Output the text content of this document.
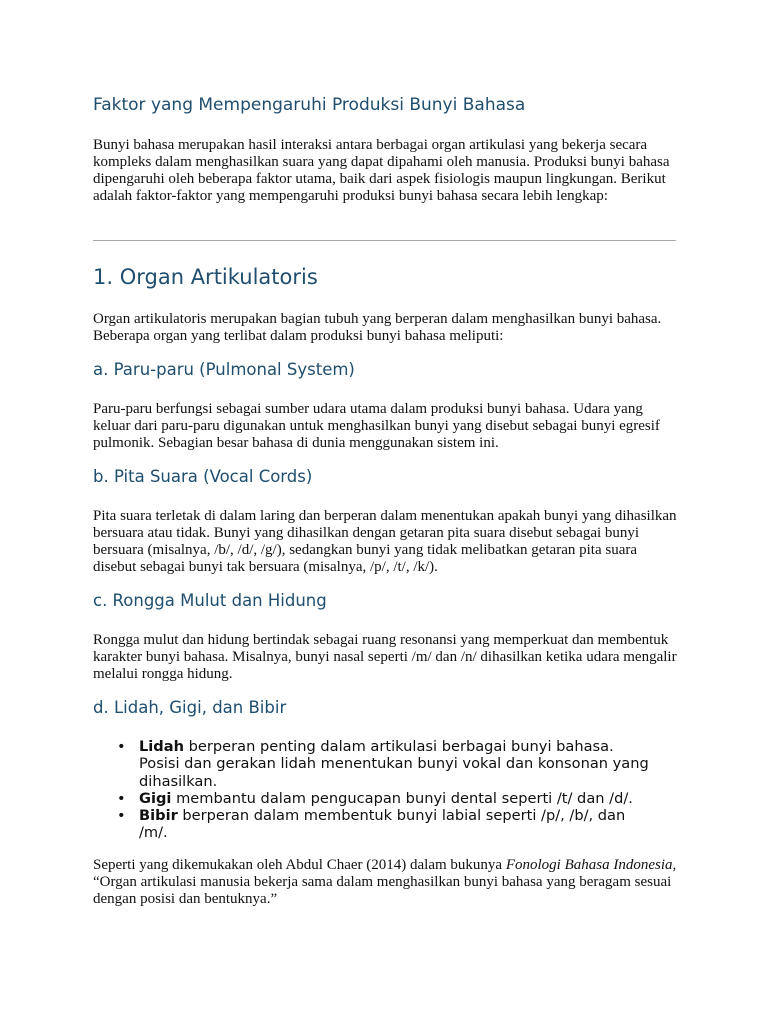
Faktor yang Mempengaruhi Produksi Bunyi Bahasa

Bunyi bahasa merupakan hasil interaksi antara berbagai organ artikulasi yang bekerja secara kompleks dalam menghasilkan suara yang dapat dipahami oleh manusia. Produksi bunyi bahasa dipengaruhi oleh beberapa faktor utama, baik dari aspek fisiologis maupun lingkungan. Berikut adalah faktor-faktor yang mempengaruhi produksi bunyi bahasa secara lebih lengkap:

1. Organ Artikulatoris

Organ artikulatoris merupakan bagian tubuh yang berperan dalam menghasilkan bunyi bahasa. Beberapa organ yang terlibat dalam produksi bunyi bahasa meliputi:

a. Paru-paru (Pulmonal System)

Paru-paru berfungsi sebagai sumber udara utama dalam produksi bunyi bahasa. Udara yang keluar dari paru-paru digunakan untuk menghasilkan bunyi yang disebut sebagai bunyi egresif pulmonik. Sebagian besar bahasa di dunia menggunakan sistem ini.

b. Pita Suara (Vocal Cords)

Pita suara terletak di dalam laring dan berperan dalam menentukan apakah bunyi yang dihasilkan bersuara atau tidak. Bunyi yang dihasilkan dengan getaran pita suara disebut sebagai bunyi bersuara (misalnya, /b/, /d/, /g/), sedangkan bunyi yang tidak melibatkan getaran pita suara disebut sebagai bunyi tak bersuara (misalnya, /p/, /t/, /k/).

c. Rongga Mulut dan Hidung

Rongga mulut dan hidung bertindak sebagai ruang resonansi yang memperkuat dan membentuk karakter bunyi bahasa. Misalnya, bunyi nasal seperti /m/ dan /n/ dihasilkan ketika udara mengalir melalui rongga hidung.

d. Lidah, Gigi, dan Bibir
• Lidah berperan penting dalam artikulasi berbagai bunyi bahasa. Posisi dan gerakan lidah menentukan bunyi vokal dan konsonan yang dihasilkan.
• Gigi membantu dalam pengucapan bunyi dental seperti /t/ dan /d/.
• Bibir berperan dalam membentuk bunyi labial seperti /p/, /b/, dan /m/.

Seperti yang dikemukakan oleh Abdul Chaer (2014) dalam bukunya Fonologi Bahasa Indonesia, “Organ artikulasi manusia bekerja sama dalam menghasilkan bunyi bahasa yang beragam sesuai dengan posisi dan bentuknya.”
